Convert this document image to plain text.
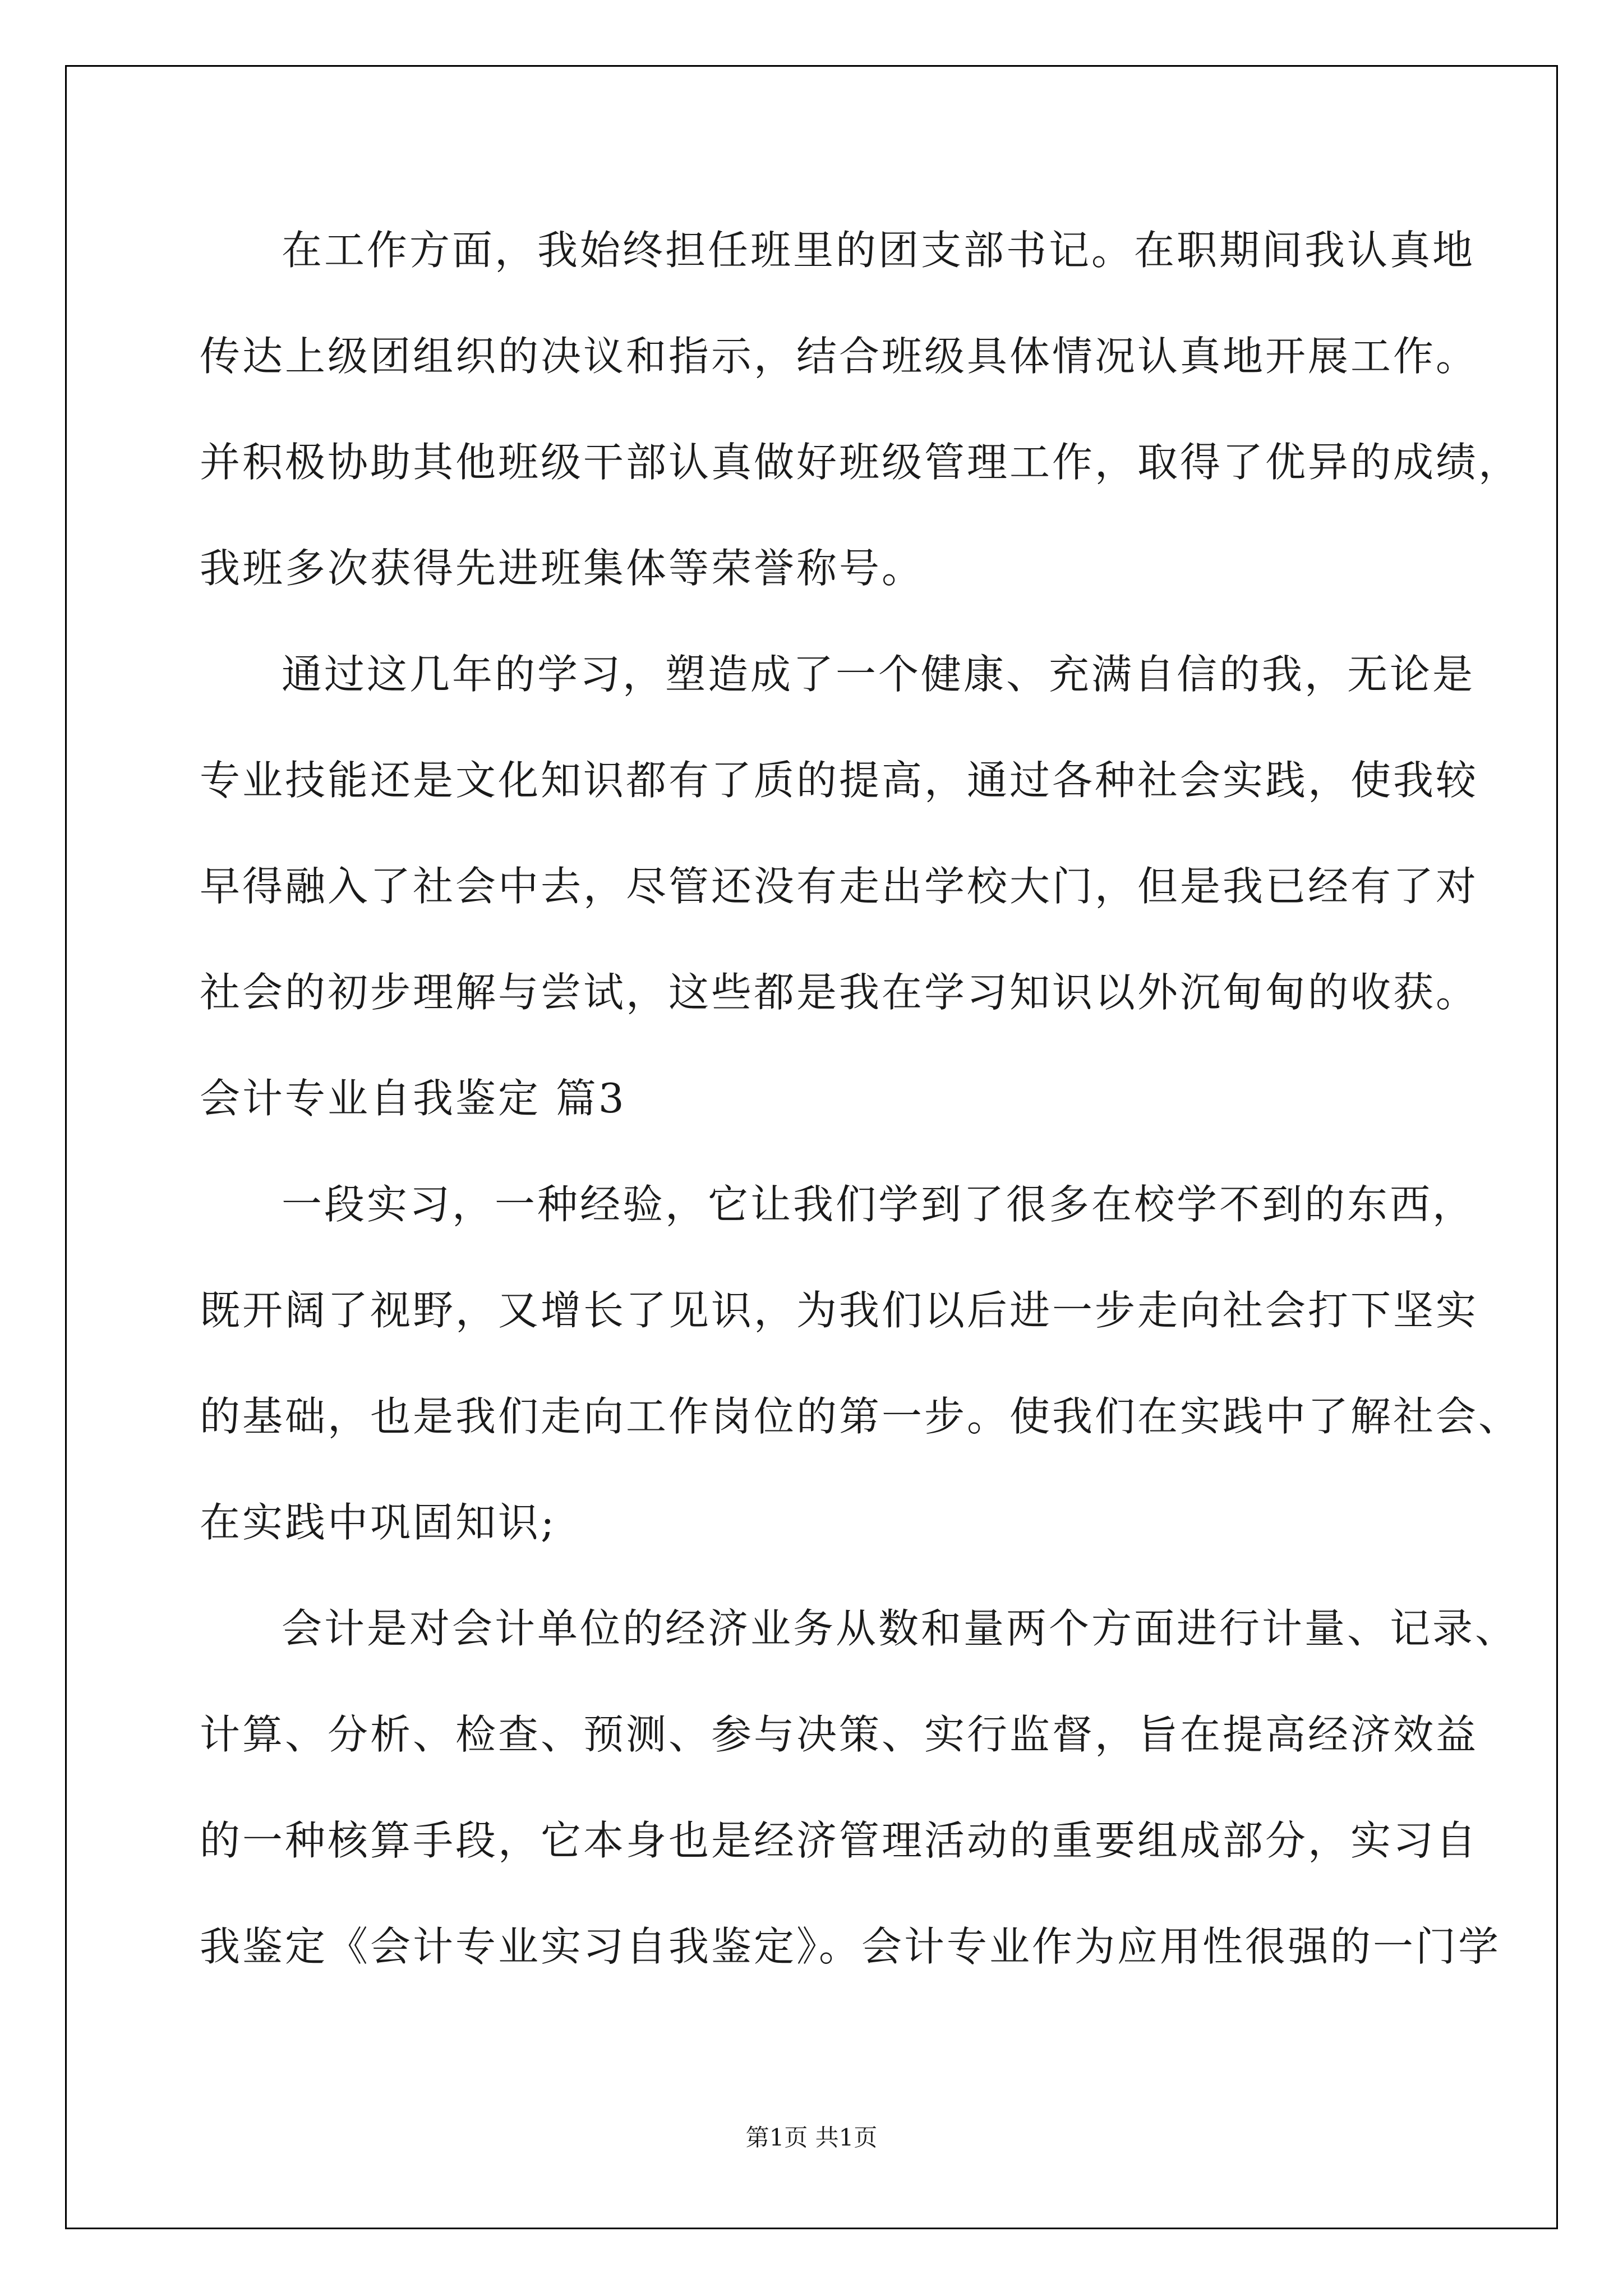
在工作方面，我始终担任班里的团支部书记。在职期间我认真地
传达上级团组织的决议和指示，结合班级具体情况认真地开展工作。
并积极协助其他班级干部认真做好班级管理工作，取得了优异的成绩，
我班多次获得先进班集体等荣誉称号。
通过这几年的学习，塑造成了一个健康、充满自信的我，无论是
专业技能还是文化知识都有了质的提高，通过各种社会实践，使我较
早得融入了社会中去，尽管还没有走出学校大门，但是我已经有了对
社会的初步理解与尝试，这些都是我在学习知识以外沉甸甸的收获。
会计专业自我鉴定 篇3
一段实习，一种经验，它让我们学到了很多在校学不到的东西，
既开阔了视野，又增长了见识，为我们以后进一步走向社会打下坚实
的基础，也是我们走向工作岗位的第一步。使我们在实践中了解社会、
在实践中巩固知识;
会计是对会计单位的经济业务从数和量两个方面进行计量、记录、
计算、分析、检查、预测、参与决策、实行监督，旨在提高经济效益
的一种核算手段，它本身也是经济管理活动的重要组成部分，实习自
我鉴定《会计专业实习自我鉴定》。会计专业作为应用性很强的一门学
第1页 共1页
